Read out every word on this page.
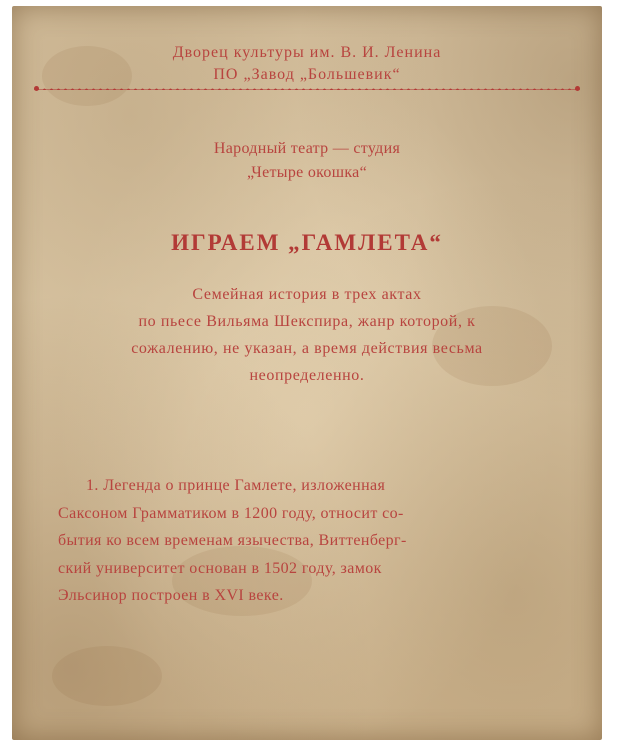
Дворец культуры им. В. И. Ленина
ПО „Завод „Большевик“
Народный театр — студия
„Четыре окошка“
ИГРАЕМ „ГАМЛЕТА“
Семейная история в трех актах
по пьесе Вильяма Шекспира, жанр которой, к
сожалению, не указан, а время действия весьма
неопределенно.
1. Легенда о принце Гамлете, изложенная
Саксоном Грамматиком в 1200 году, относит со-
бытия ко всем временам язычества, Виттенберг-
ский университет основан в 1502 году, замок
Эльсинор построен в XVI веке.
